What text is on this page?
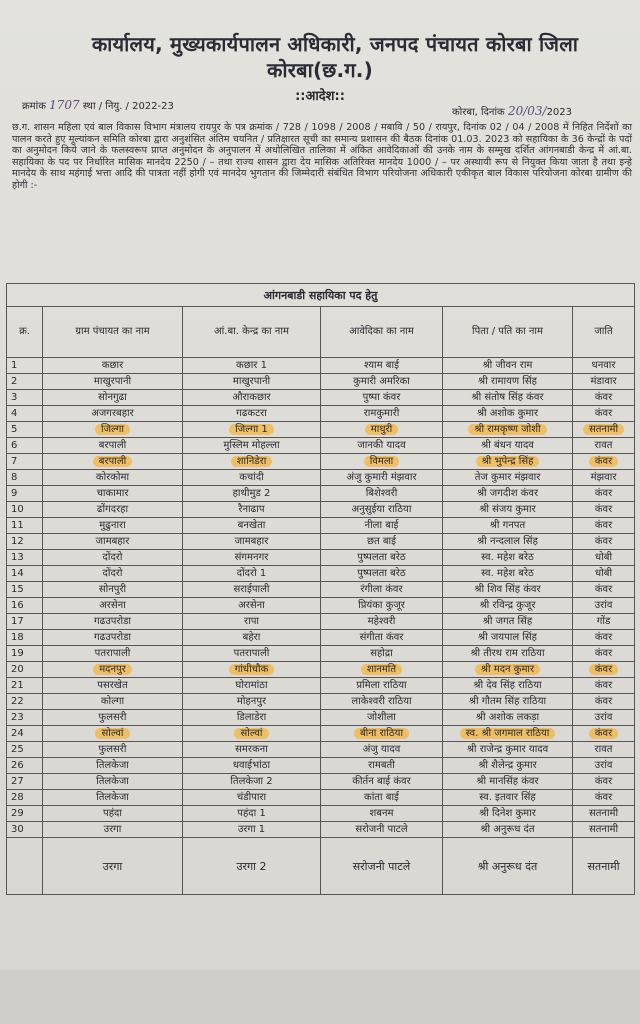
कार्यालय, मुख्यकार्यपालन अधिकारी, जनपद पंचायत कोरबा जिला
कोरबा(छ.ग.)
::आदेश::
क्रमांक 1707 स्था / नियु. / 2022-23
कोरबा, दिनांक 20/03/2023
छ.ग. शासन महिला एवं बाल विकास विभाग मंत्रालय रायपुर के पत्र क्रमांक / 728 / 1098 / 2008 / मबावि / 50 / रायपुर, दिनांक 02 / 04 / 2008 में निहित निर्देशों का पालन करते हुए मूल्यांकन समिति कोरबा द्वारा अनुशंसित अंतिम चयनित / प्रतिक्षारत सूची का समान्य प्रशासन की बैठक दिनांक 01.03. 2023 को सहायिका के 36 केन्द्रों के पदों का अनुमोदन किये जाने के फलस्वरूप प्राप्त अनुमोदन के अनुपालन में अधोलिखित तालिका में अंकित आवेदिकाओं की उनके नाम के सम्मुख दर्शित आंगनबाडी केन्द्र में आं.बा. सहायिका के पद पर निर्धारित मासिक मानदेय 2250 / – तथा राज्य शासन द्वारा देय मासिक अतिरिक्त मानदेय 1000 / – पर अस्थायी रूप से नियुक्त किया जाता है तथा इन्हे मानदेय के साथ महंगाई भत्ता आदि की पात्रता नहीं होगी एवं मानदेय भुगतान की जिम्मेदारी संबंधित विभाग परियोजना अधिकारी एकीकृत बाल विकास परियोजना कोरबा ग्रामीण की होगी :-
आंगनबाडी सहायिका पद हेतु					
क्र.	ग्राम पंचायत का नाम	आं.बा. केन्द्र का नाम	आवेदिका का नाम	पिता / पति का नाम	जाति
1	कछार	कछार 1	श्याम बाई	श्री जीवन राम	धनवार
2	माखुरपानी	माखुरपानी	कुमारी अमरिका	श्री रामायण सिंह	मंडावार
3	सोनगुढा	औराकछार	पुष्पा कंवर	श्री संतोष सिंह कंवर	कंवर
4	अजगरबहार	गढकटरा	रामकुमारी	श्री अशोक कुमार	कंवर
5	जिल्गा	जिल्गा 1	माधुरी	श्री रामकृष्ण जोशी	सतनामी
6	बरपाली	मुस्लिम मोहल्ला	जानकी यादव	श्री बंधन यादव	रावत
7	बरपाली	शानिडेरा	विमला	श्री भुपेन्द्र सिंह	कंवर
8	कोरकोमा	कचांदी	अंजु कुमारी मंझवार	तेज कुमार मंझवार	मंझवार
9	चाकामार	हाथीमुड 2	बिशेश्वरी	श्री जगदीश कंवर	कंवर
10	ढोंगदरहा	रैनाढाप	अनुसुईया राठिया	श्री संजय कुमार	कंवर
11	मुढुनारा	बनखेता	नीला बाई	श्री गनपत	कंवर
12	जामबहार	जामबहार	छत बाई	श्री नन्दलाल सिंह	कंवर
13	दोंदरो	संगमनगर	पुष्पलता बरेठ	स्व. महेश बरेठ	धोबी
14	दोंदरो	दोंदरो 1	पुष्पलता बरेठ	स्व. महेश बरेठ	धोबी
15	सोनपुरी	सराईपाली	रंगीला कंवर	श्री शिव सिंह कंवर	कंवर
16	अरसेना	अरसेना	प्रियंका कुजूर	श्री रविन्द्र कुजूर	उरांव
17	गढउपरोडा	रापा	महेश्वरी	श्री जगत सिंह	गोंड
18	गढउपरोडा	बहेरा	संगीता कंवर	श्री जयपाल सिंह	कंवर
19	पतरापाली	पतरापाली	सहोद्रा	श्री तीरथ राम राठिया	कंवर
20	मदनपुर	गांधीचौक	शानमति	श्री मदन कुमार	कंवर
21	पसरखेत	घोरामांठा	प्रमिला राठिया	श्री देव सिंह राठिया	कंवर
22	कोल्गा	मोहनपुर	लाकेश्वरी राठिया	श्री गौतम सिंह राठिया	कंवर
23	फुलसरी	डिलाडेरा	जोशीला	श्री अशोक लकड़ा	उरांव
24	सोल्वां	सोल्वां	बीना राठिया	स्व. श्री जगमाल राठिया	कंवर
25	फुलसरी	समरकना	अंजु यादव	श्री राजेन्द्र कुमार यादव	रावत
26	तिलकेजा	धवाईभांठा	रामबती	श्री शैलेन्द्र कुमार	उरांव
27	तिलकेजा	तिलकेजा 2	कीर्तन बाई कंवर	श्री मानसिंह कंवर	कंवर
28	तिलकेजा	चंडीपारा	कांता बाई	स्व. इतवार सिंह	कंवर
29	पहंदा	पहंदा 1	शबनम	श्री दिनेश कुमार	सतनामी
30	उरगा	उरगा 1	सरोजनी पाटले	श्री अनुरूध दंत	सतनामी
	उरगा	उरगा 2	सरोजनी पाटले	श्री अनुरूध दंत	सतनामी
